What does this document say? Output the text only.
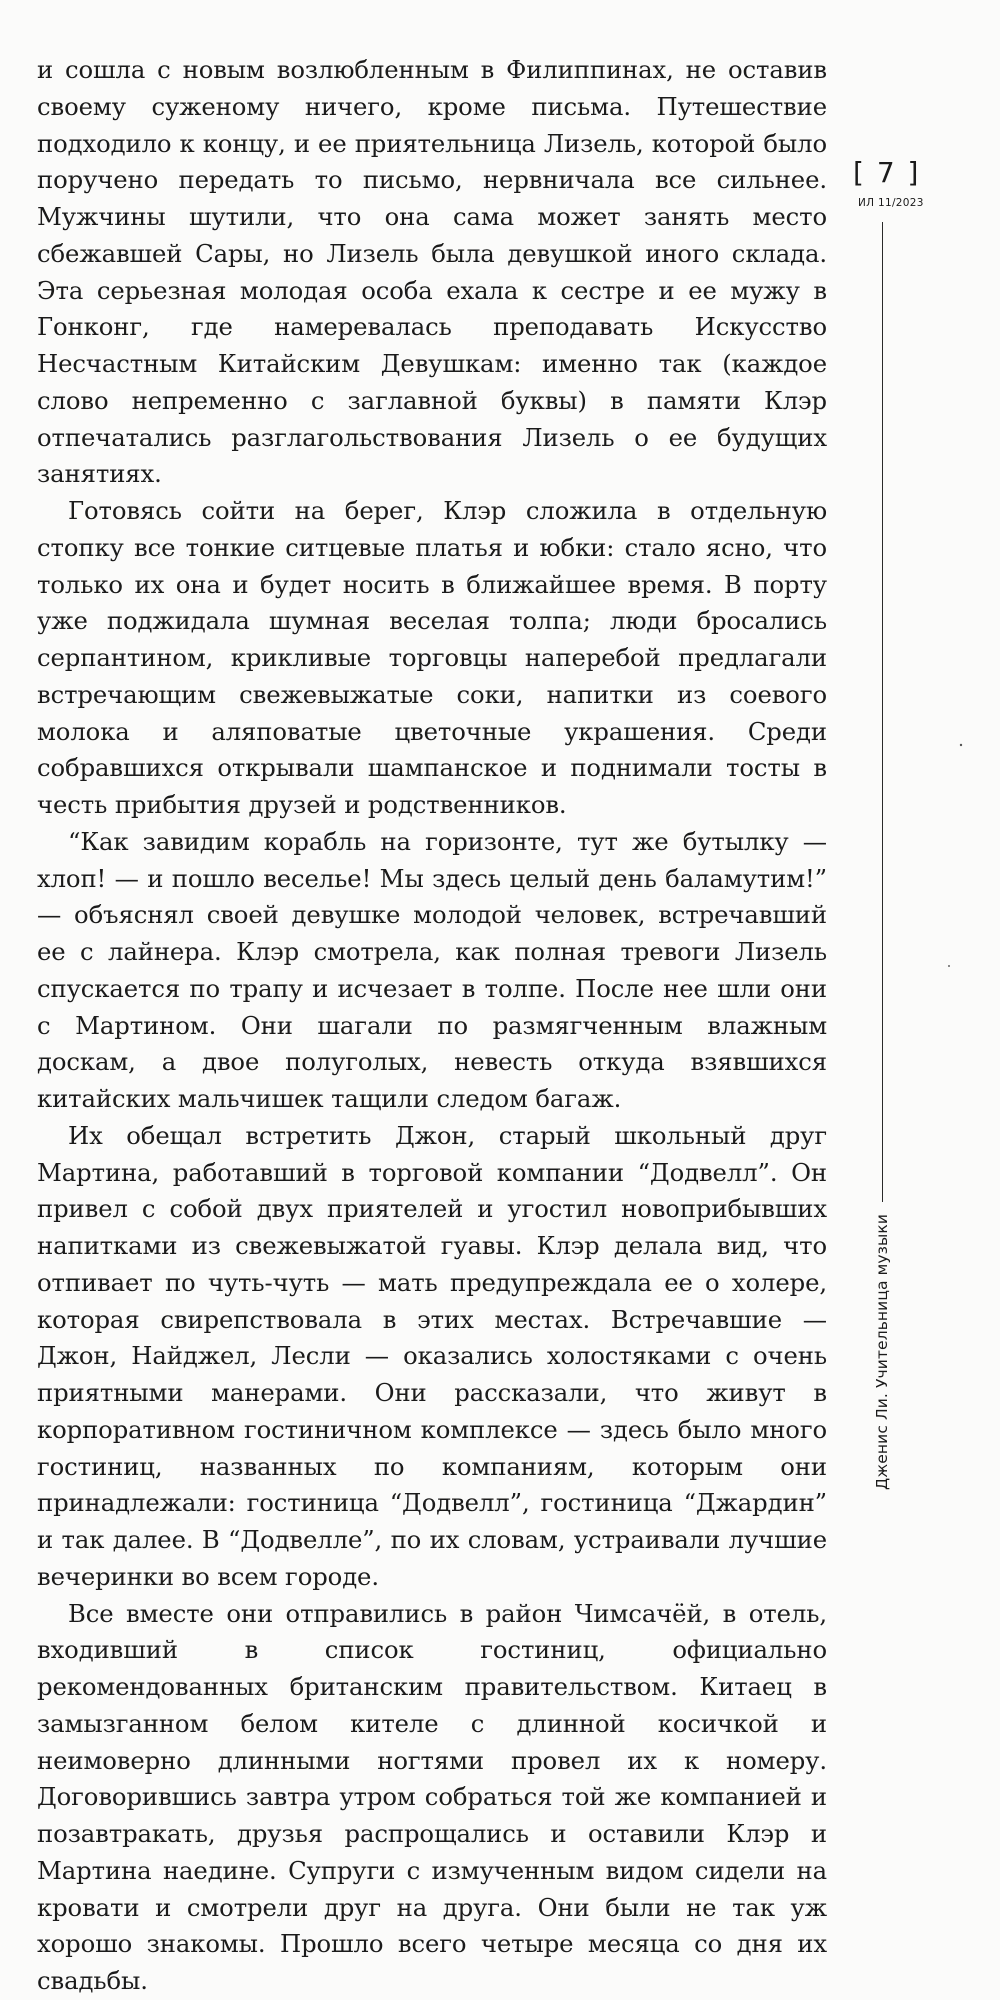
и сошла с новым возлюбленным в Филиппинах, не оставив своему суженому ничего, кроме письма. Путешествие подходило к концу, и ее приятельница Лизель, которой было поручено передать то письмо, нервничала все сильнее. Мужчины шутили, что она сама может занять место сбежавшей Сары, но Лизель была девушкой иного склада. Эта серьезная молодая особа ехала к сестре и ее мужу в Гонконг, где намеревалась преподавать Искусство Несчастным Китайским Девушкам: именно так (каждое слово непременно с заглавной буквы) в памяти Клэр отпечатались разглагольствования Лизель о ее будущих занятиях.

Готовясь сойти на берег, Клэр сложила в отдельную стопку все тонкие ситцевые платья и юбки: стало ясно, что только их она и будет носить в ближайшее время. В порту уже поджидала шумная веселая толпа; люди бросались серпантином, крикливые торговцы наперебой предлагали встречающим свежевыжатые соки, напитки из соевого молока и аляповатые цветочные украшения. Среди собравшихся открывали шампанское и поднимали тосты в честь прибытия друзей и родственников.

“Как завидим корабль на горизонте, тут же бутылку — хлоп! — и пошло веселье! Мы здесь целый день баламутим!” — объяснял своей девушке молодой человек, встречавший ее с лайнера. Клэр смотрела, как полная тревоги Лизель спускается по трапу и исчезает в толпе. После нее шли они с Мартином. Они шагали по размягченным влажным доскам, а двое полуголых, невесть откуда взявшихся китайских мальчишек тащили следом багаж.

Их обещал встретить Джон, старый школьный друг Мартина, работавший в торговой компании “Додвелл”. Он привел с собой двух приятелей и угостил новоприбывших напитками из свежевыжатой гуавы. Клэр делала вид, что отпивает по чуть-чуть — мать предупреждала ее о холере, которая свирепствовала в этих местах. Встречавшие — Джон, Найджел, Лесли — оказались холостяками с очень приятными манерами. Они рассказали, что живут в корпоративном гостиничном комплексе — здесь было много гостиниц, названных по компаниям, которым они принадлежали: гостиница “Додвелл”, гостиница “Джардин” и так далее. В “Додвелле”, по их словам, устраивали лучшие вечеринки во всем городе.

Все вместе они отправились в район Чимсачёй, в отель, входивший в список гостиниц, официально рекомендованных британским правительством. Китаец в замызганном белом кителе с длинной косичкой и неимоверно длинными ногтями провел их к номеру. Договорившись завтра утром собраться той же компанией и позавтракать, друзья распрощались и оставили Клэр и Мартина наедине. Супруги с измученным видом сидели на кровати и смотрели друг на друга. Они были не так уж хорошо знакомы. Прошло всего четыре месяца со дня их свадьбы.

[ 7 ]
ИЛ 11/2023
Дженис Ли. Учительница музыки
